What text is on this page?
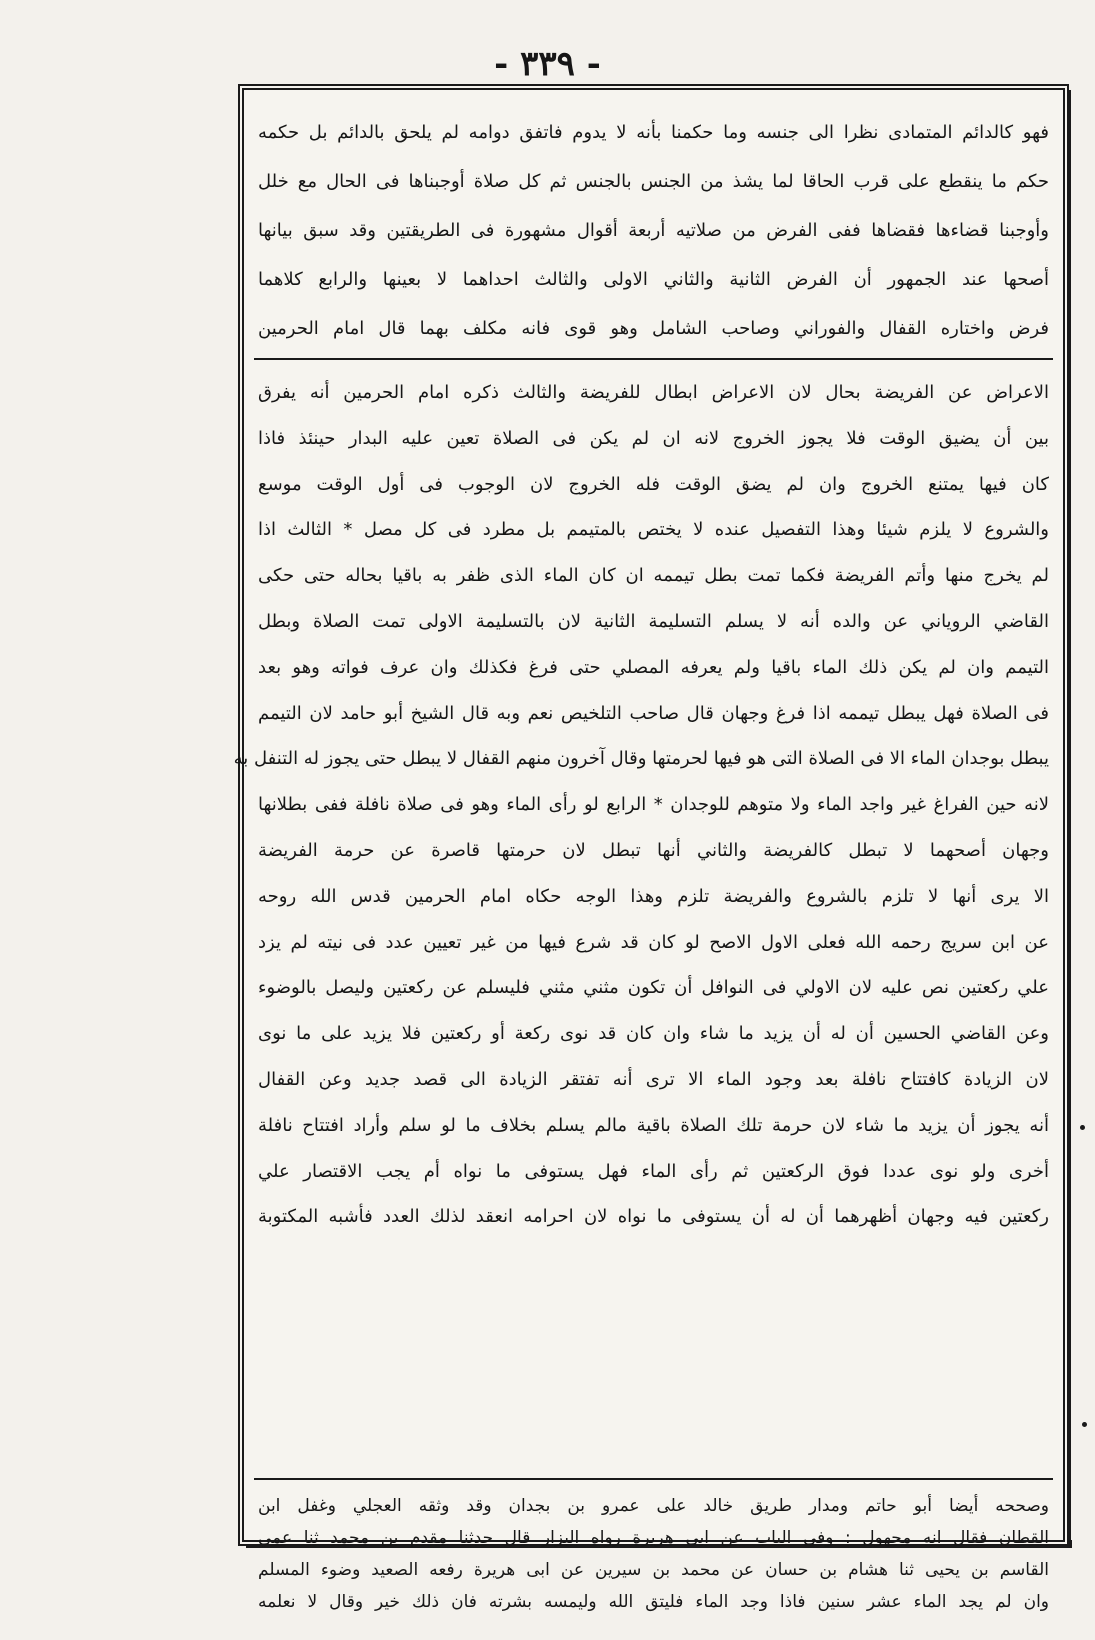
- ٣٣٩ -
فهو كالدائم المتمادى نظرا الى جنسه وما حكمنا بأنه لا يدوم فاتفق دوامه لم يلحق بالدائم بل حكمه
حكم ما ينقطع على قرب الحاقا لما يشذ من الجنس بالجنس ثم كل صلاة أوجبناها فى الحال مع خلل
وأوجبنا قضاءها فقضاها ففى الفرض من صلاتيه أربعة أقوال مشهورة فى الطريقتين وقد سبق بيانها
أصحها عند الجمهور أن الفرض الثانية والثاني الاولى والثالث احداهما لا بعينها والرابع كلاهما
فرض واختاره القفال والفوراني وصاحب الشامل وهو قوى فانه مكلف بهما قال امام الحرمين
الاعراض عن الفريضة بحال لان الاعراض ابطال للفريضة والثالث ذكره امام الحرمين أنه يفرق
بين أن يضيق الوقت فلا يجوز الخروج لانه ان لم يكن فى الصلاة تعين عليه البدار حينئذ فاذا
كان فيها يمتنع الخروج وان لم يضق الوقت فله الخروج لان الوجوب فى أول الوقت موسع
والشروع لا يلزم شيئا وهذا التفصيل عنده لا يختص بالمتيمم بل مطرد فى كل مصل * الثالث اذا
لم يخرج منها وأتم الفريضة فكما تمت بطل تيممه ان كان الماء الذى ظفر به باقيا بحاله حتى حكى
القاضي الروياني عن والده أنه لا يسلم التسليمة الثانية لان بالتسليمة الاولى تمت الصلاة وبطل
التيمم وان لم يكن ذلك الماء باقيا ولم يعرفه المصلي حتى فرغ فكذلك وان عرف فواته وهو بعد
فى الصلاة فهل يبطل تيممه اذا فرغ وجهان قال صاحب التلخيص نعم وبه قال الشيخ أبو حامد لان التيمم
يبطل بوجدان الماء الا فى الصلاة التى هو فيها لحرمتها وقال آخرون منهم القفال لا يبطل حتى يجوز له التنفل به
لانه حين الفراغ غير واجد الماء ولا متوهم للوجدان * الرابع لو رأى الماء وهو فى صلاة نافلة ففى بطلانها
وجهان أصحهما لا تبطل كالفريضة والثاني أنها تبطل لان حرمتها قاصرة عن حرمة الفريضة
الا يرى أنها لا تلزم بالشروع والفريضة تلزم وهذا الوجه حكاه امام الحرمين قدس الله روحه
عن ابن سريج رحمه الله فعلى الاول الاصح لو كان قد شرع فيها من غير تعيين عدد فى نيته لم يزد
علي ركعتين نص عليه لان الاولي فى النوافل أن تكون مثني مثني فليسلم عن ركعتين وليصل بالوضوء
وعن القاضي الحسين أن له أن يزيد ما شاء وان كان قد نوى ركعة أو ركعتين فلا يزيد على ما نوى
لان الزيادة كافتتاح نافلة بعد وجود الماء الا ترى أنه تفتقر الزيادة الى قصد جديد وعن القفال
أنه يجوز أن يزيد ما شاء لان حرمة تلك الصلاة باقية مالم يسلم بخلاف ما لو سلم وأراد افتتاح نافلة
أخرى ولو نوى عددا فوق الركعتين ثم رأى الماء فهل يستوفى ما نواه أم يجب الاقتصار علي
ركعتين فيه وجهان أظهرهما أن له أن يستوفى ما نواه لان احرامه انعقد لذلك العدد فأشبه المكتوبة
وصححه أيضا أبو حاتم ومدار طريق خالد على عمرو بن بجدان وقد وثقه العجلي وغفل ابن
القطان فقال انه مجهول : وفى الباب عن ابى هريرة رواه البزار قال حدثنا مقدم بن محمد ثنا عمي
القاسم بن يحيى ثنا هشام بن حسان عن محمد بن سيرين عن ابى هريرة رفعه الصعيد وضوء المسلم
وان لم يجد الماء عشر سنين فاذا وجد الماء فليتق الله وليمسه بشرته فان ذلك خير وقال لا نعلمه
